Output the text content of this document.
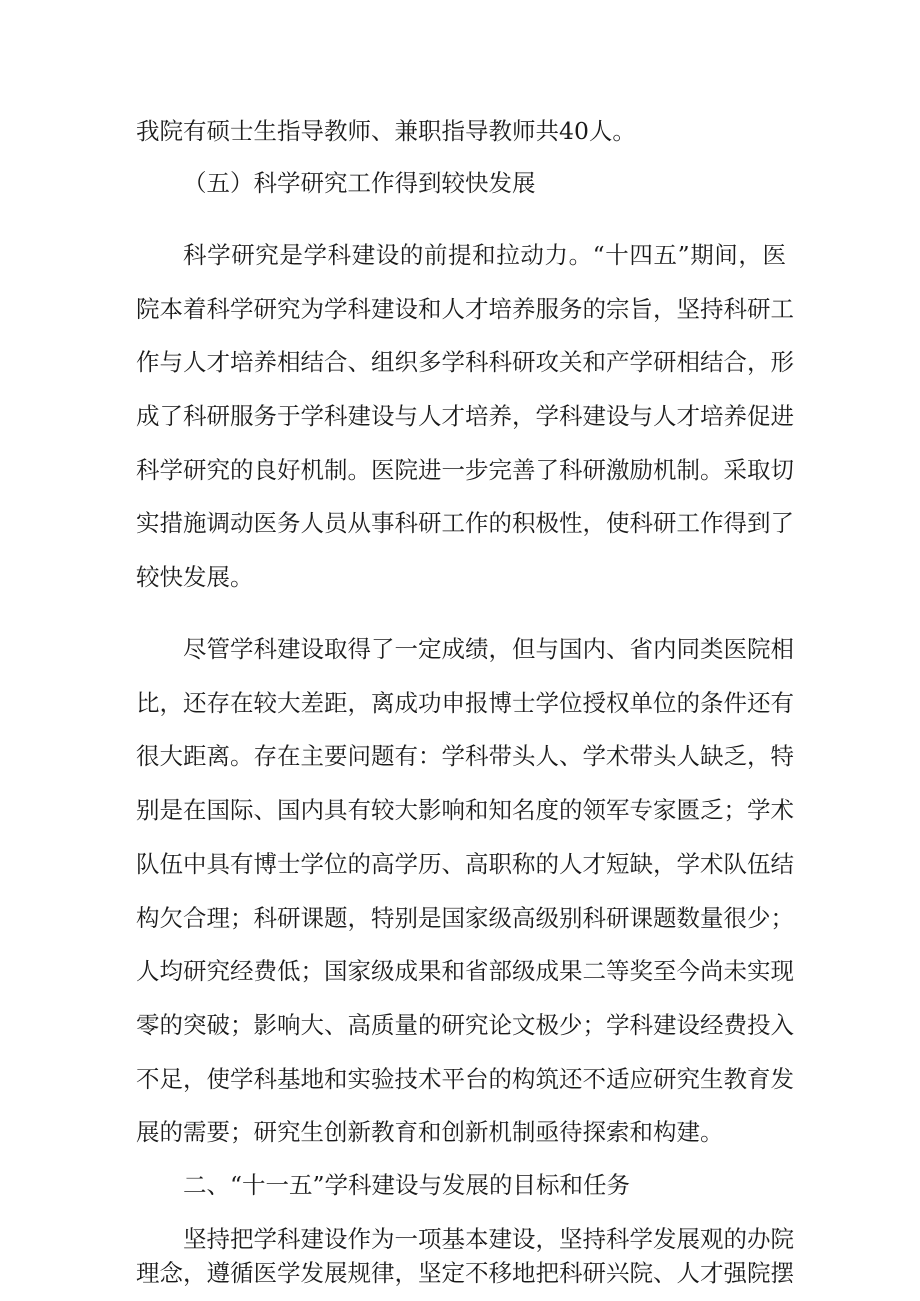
我院有硕士生指导教师、兼职指导教师共40人。

（五）科学研究工作得到较快发展

科学研究是学科建设的前提和拉动力。“十四五”期间，医

院本着科学研究为学科建设和人才培养服务的宗旨，坚持科研工

作与人才培养相结合、组织多学科科研攻关和产学研相结合，形

成了科研服务于学科建设与人才培养，学科建设与人才培养促进

科学研究的良好机制。医院进一步完善了科研激励机制。采取切

实措施调动医务人员从事科研工作的积极性，使科研工作得到了

较快发展。

尽管学科建设取得了一定成绩，但与国内、省内同类医院相

比，还存在较大差距，离成功申报博士学位授权单位的条件还有

很大距离。存在主要问题有：学科带头人、学术带头人缺乏，特

别是在国际、国内具有较大影响和知名度的领军专家匮乏；学术

队伍中具有博士学位的高学历、高职称的人才短缺，学术队伍结

构欠合理；科研课题，特别是国家级高级别科研课题数量很少；

人均研究经费低；国家级成果和省部级成果二等奖至今尚未实现

零的突破；影响大、高质量的研究论文极少；学科建设经费投入

不足，使学科基地和实验技术平台的构筑还不适应研究生教育发

展的需要；研究生创新教育和创新机制亟待探索和构建。

二、“十一五”学科建设与发展的目标和任务

坚持把学科建设作为一项基本建设，坚持科学发展观的办院

理念，遵循医学发展规律，坚定不移地把科研兴院、人才强院摆
